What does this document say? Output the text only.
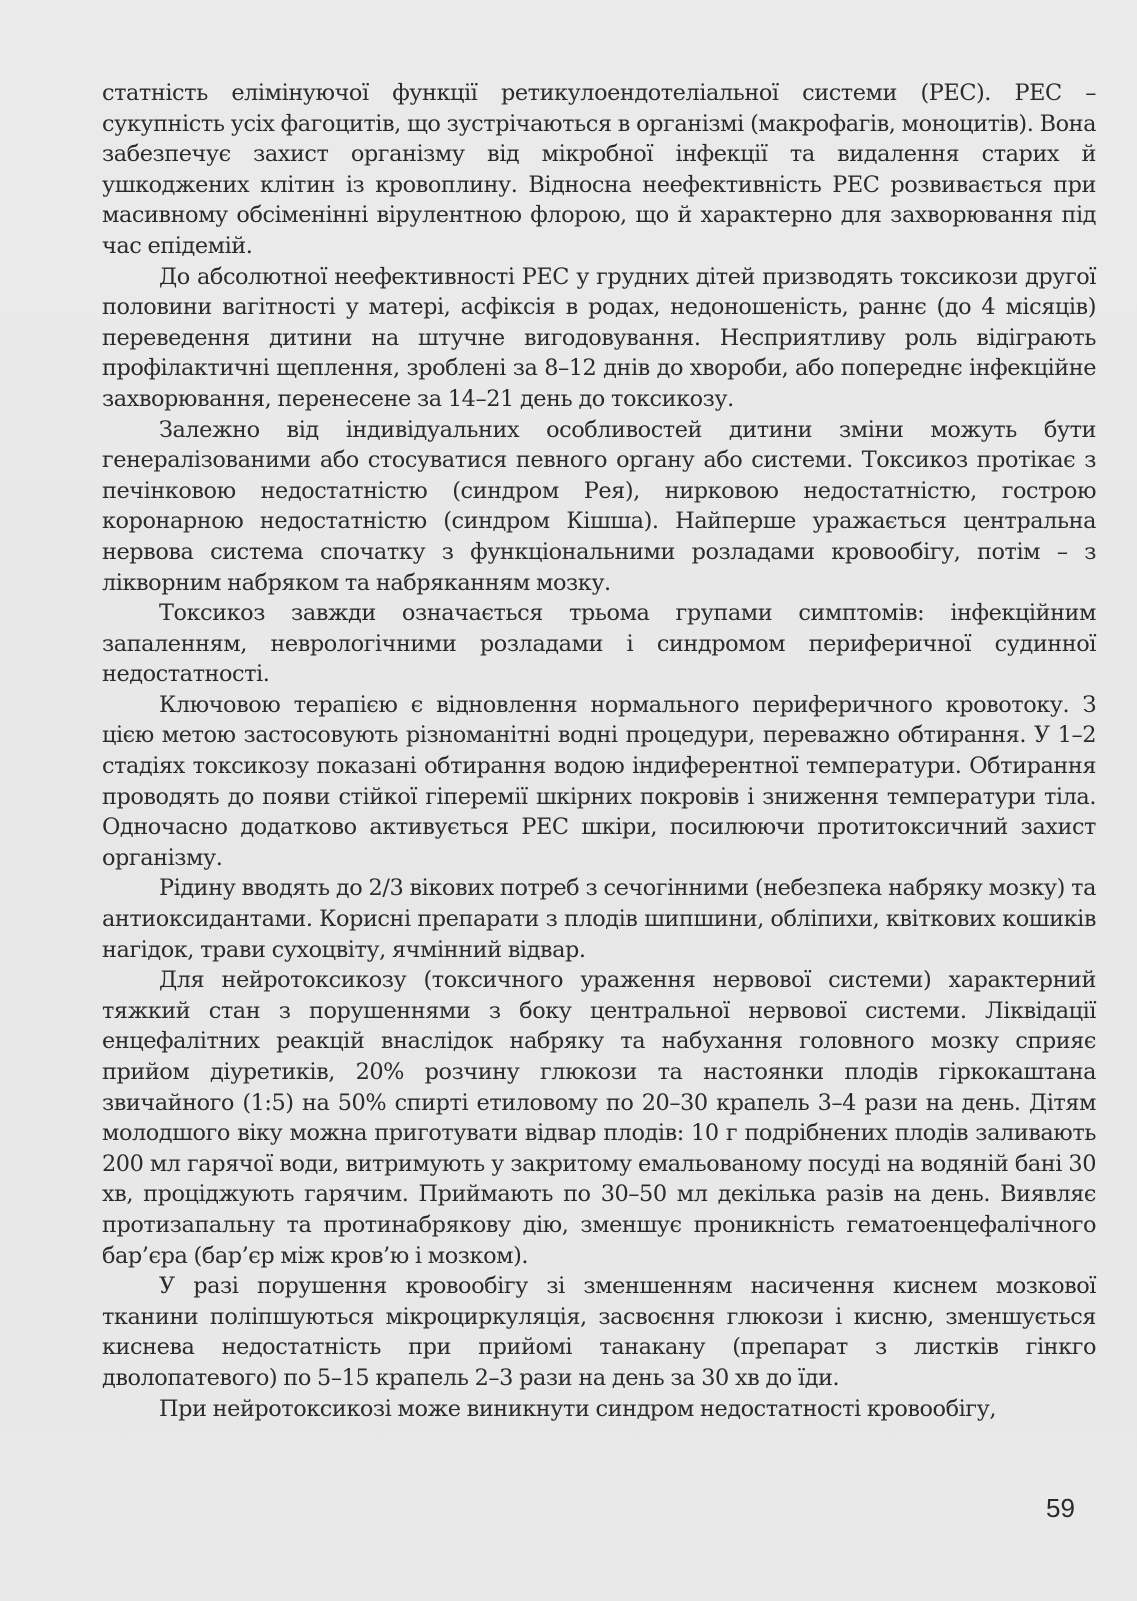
статність елімінуючої функції ретикулоендотеліальної системи (РЕС). РЕС – сукупність усіх фагоцитів, що зустрічаються в організмі (макрофагів, моноцитів). Вона забезпечує захист організму від мікробної інфекції та видалення старих й ушкоджених клітин із кровоплину. Відносна неефективність РЕС розвивається при масивному обсіменінні вірулентною флорою, що й характерно для захворювання під час епідемій.

До абсолютної неефективності РЕС у грудних дітей призводять токсикози другої половини вагітності у матері, асфіксія в родах, недоношеність, раннє (до 4 місяців) переведення дитини на штучне вигодовування. Несприятливу роль відіграють профілактичні щеплення, зроблені за 8–12 днів до хвороби, або попереднє інфекційне захворювання, перенесене за 14–21 день до токсикозу.

Залежно від індивідуальних особливостей дитини зміни можуть бути генералізованими або стосуватися певного органу або системи. Токсикоз протікає з печінковою недостатністю (синдром Рея), нирковою недостатністю, гострою коронарною недостатністю (синдром Кішша). Найперше уражається центральна нервова система спочатку з функціональними розладами кровообігу, потім – з лікворним набряком та набряканням мозку.

Токсикоз завжди означається трьома групами симптомів: інфекційним запаленням, неврологічними розладами і синдромом периферичної судинної недостатності.

Ключовою терапією є відновлення нормального периферичного кровотоку. З цією метою застосовують різноманітні водні процедури, переважно обтирання. У 1–2 стадіях токсикозу показані обтирання водою індиферентної температури. Обтирання проводять до появи стійкої гіперемії шкірних покровів і зниження температури тіла. Одночасно додатково активується РЕС шкіри, посилюючи протитоксичний захист організму.

Рідину вводять до 2/3 вікових потреб з сечогінними (небезпека набряку мозку) та антиоксидантами. Корисні препарати з плодів шипшини, обліпихи, квіткових кошиків нагідок, трави сухоцвіту, ячмінний відвар.

Для нейротоксикозу (токсичного ураження нервової системи) характерний тяжкий стан з порушеннями з боку центральної нервової системи. Ліквідації енцефалітних реакцій внаслідок набряку та набухання головного мозку сприяє прийом діуретиків, 20% розчину глюкози та настоянки плодів гіркокаштана звичайного (1:5) на 50% спирті етиловому по 20–30 крапель 3–4 рази на день. Дітям молодшого віку можна приготувати відвар плодів: 10 г подрібнених плодів заливають 200 мл гарячої води, витримують у закритому емальованому посуді на водяній бані 30 хв, проціджують гарячим. Приймають по 30–50 мл декілька разів на день. Виявляє протизапальну та протинабрякову дію, зменшує проникність гематоенцефалічного бар’єра (бар’єр між кров’ю і мозком).

У разі порушення кровообігу зі зменшенням насичення киснем мозкової тканини поліпшуються мікроциркуляція, засвоєння глюкози і кисню, зменшується киснева недостатність при прийомі танакану (препарат з листків гінкго дволопатевого) по 5–15 крапель 2–3 рази на день за 30 хв до їди.

При нейротоксикозі може виникнути синдром недостатності кровообігу,

59
